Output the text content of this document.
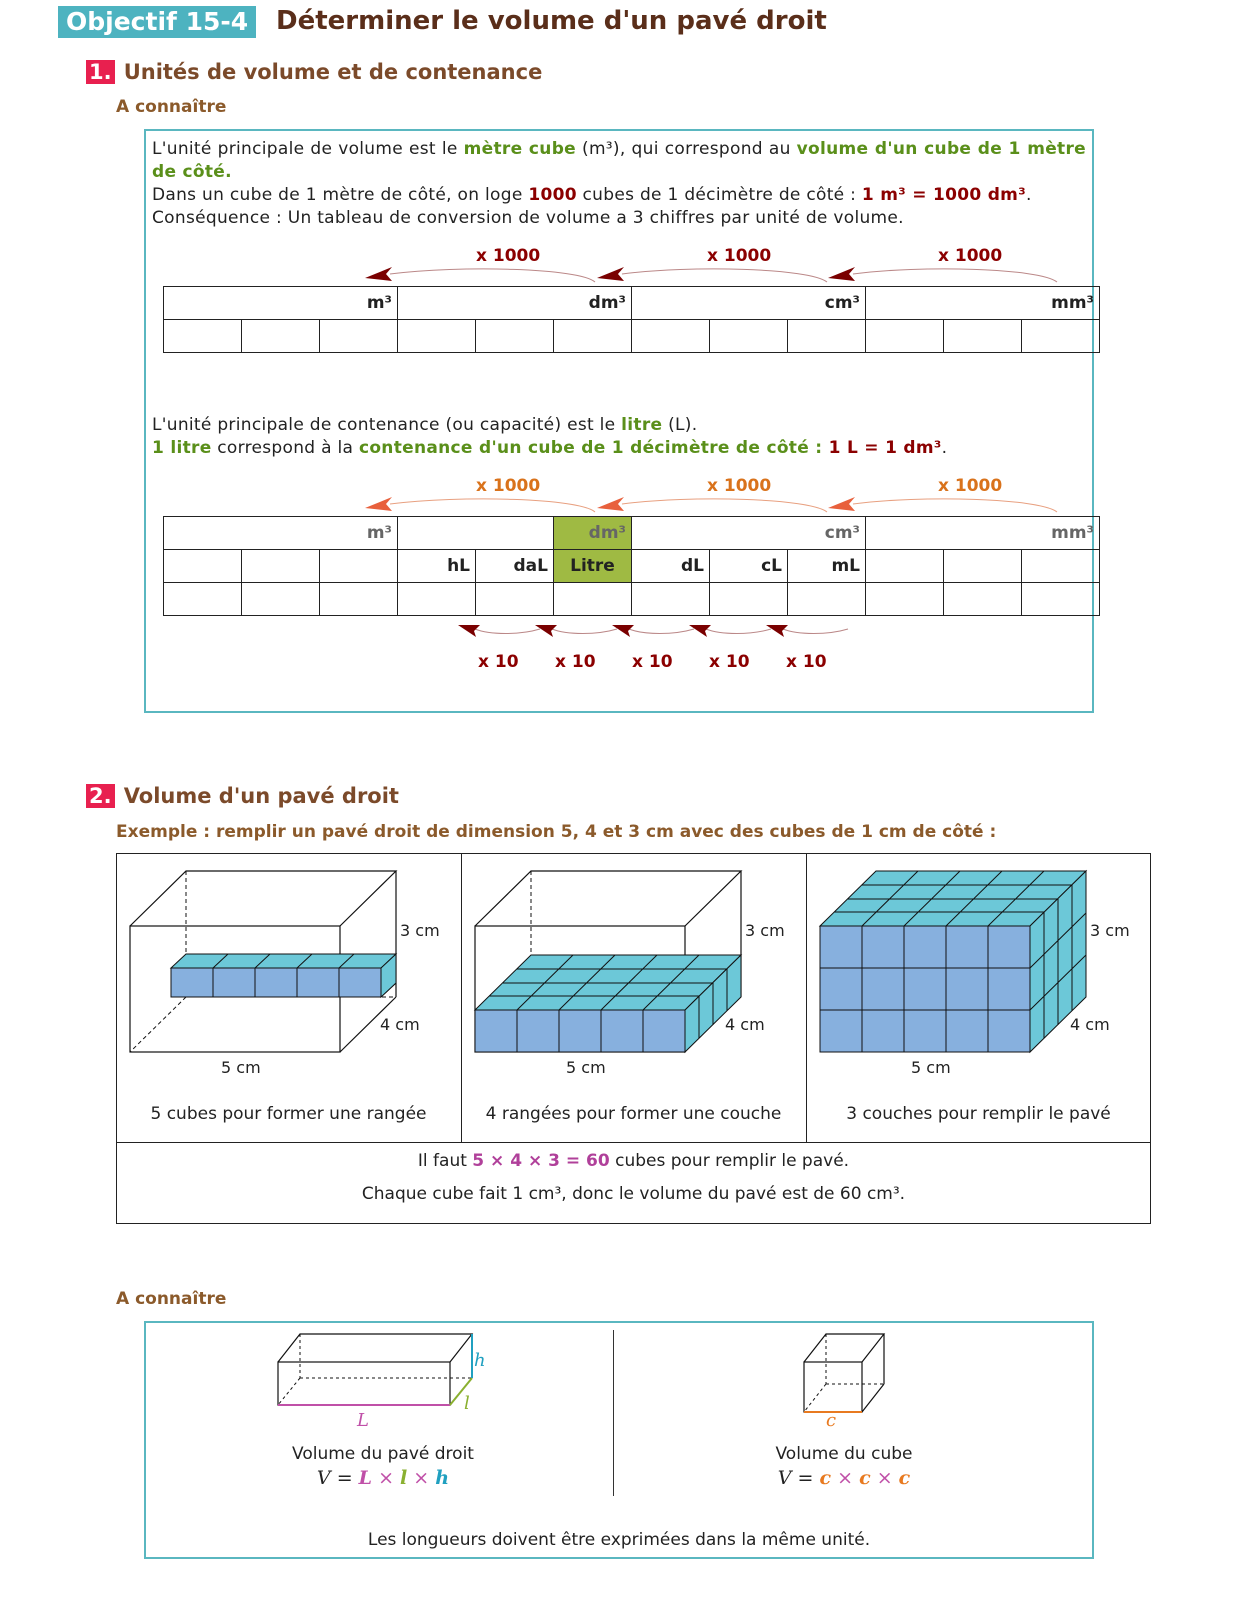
Objectif 15-4	Déterminer le volume d'un pavé droit
1. Unités de volume et de contenance
A connaître
L'unité principale de volume est le mètre cube (m³), qui correspond au volume d'un cube de 1 mètre de côté.
Dans un cube de 1 mètre de côté, on loge 1000 cubes de 1 décimètre de côté : 1 m³ = 1000 dm³.
Conséquence : Un tableau de conversion de volume a 3 chiffres par unité de volume.
x 1000	x 1000	x 1000
m³			dm³			cm³			mm³		

L'unité principale de contenance (ou capacité) est le litre (L).
1 litre correspond à la contenance d'un cube de 1 décimètre de côté : 1 L = 1 dm³.
x 1000	x 1000	x 1000
m³					dm³	cm³			mm³		
			hL	daL	Litre	dL	cL	mL			

x 10 x 10 x 10 x 10 x 10
2. Volume d'un pavé droit
Exemple : remplir un pavé droit de dimension 5, 4 et 3 cm avec des cubes de 1 cm de côté :
3 cm
4 cm
5 cm
5 cubes pour former une rangée
3 cm
4 cm
5 cm
4 rangées pour former une couche
3 cm
4 cm
5 cm
3 couches pour remplir le pavé
Il faut 5 × 4 × 3 = 60 cubes pour remplir le pavé.
Chaque cube fait 1 cm³, donc le volume du pavé est de 60 cm³.
A connaître
h
l
L
Volume du pavé droit
V = L × l × h
c
Volume du cube
V = c × c × c
Les longueurs doivent être exprimées dans la même unité.
